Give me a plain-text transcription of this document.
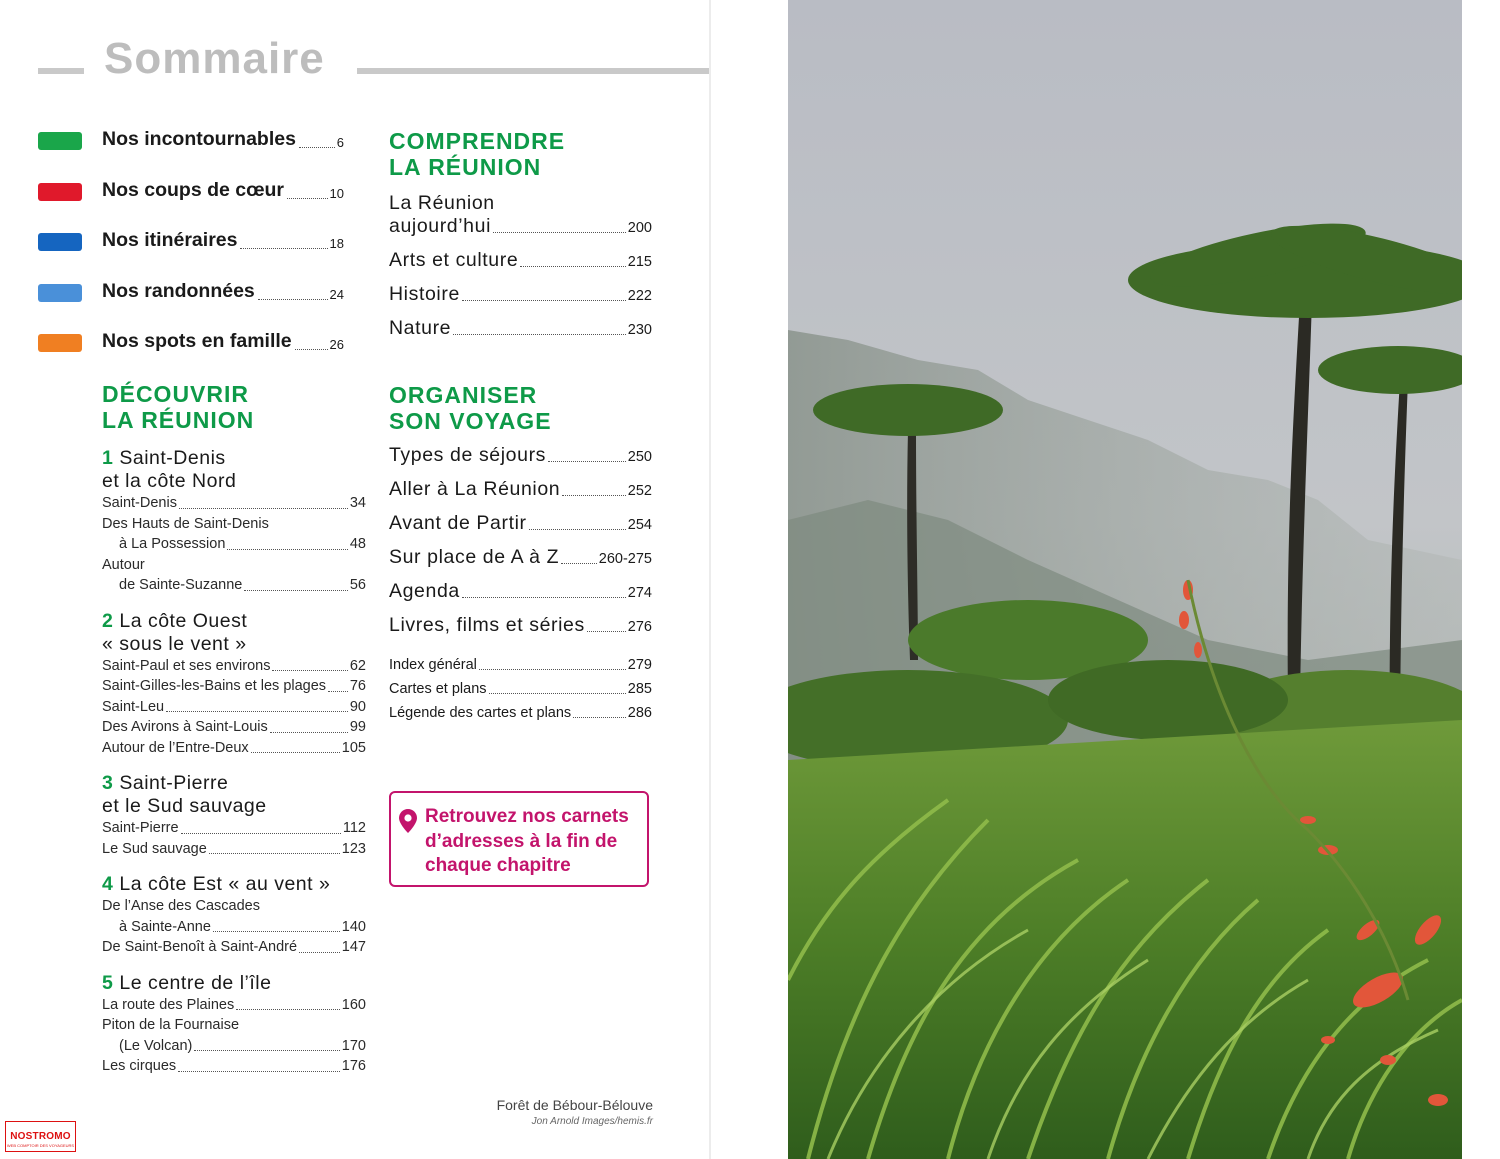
Sommaire
Nos incontournables	6
Nos coups de cœur	10
Nos itinéraires	18
Nos randonnées	24
Nos spots en famille	26
DÉCOUVRIR
LA RÉUNION
1 Saint-Denis
et la côte Nord
Saint-Denis	34
Des Hauts de Saint-Denis
à La Possession	48
Autour
de Sainte-Suzanne	56
2 La côte Ouest
« sous le vent »
Saint-Paul et ses environs	62
Saint-Gilles-les-Bains et les plages 76
Saint-Leu	90
Des Avirons à Saint-Louis	99
Autour de l’Entre-Deux	105
3 Saint-Pierre
et le Sud sauvage
Saint-Pierre	112
Le Sud sauvage	123
4 La côte Est « au vent »
De l’Anse des Cascades
à Sainte-Anne	140
De Saint-Benoît à Saint-André	147
5 Le centre de l’île
La route des Plaines	160
Piton de la Fournaise
(Le Volcan)	170
Les cirques	176
COMPRENDRE
LA RÉUNION
La Réunion
aujourd’hui	200
Arts et culture	215
Histoire	222
Nature	230
ORGANISER
SON VOYAGE
Types de séjours	250
Aller à La Réunion	252
Avant de Partir	254
Sur place de A à Z	260-275
Agenda	274
Livres, films et séries	276
Index général	279
Cartes et plans	285
Légende des cartes et plans	286
Retrouvez nos carnets d’adresses à la fin de chaque chapitre
Forêt de Bébour-Bélouve
Jon Arnold Images/hemis.fr
NOSTROMO
WEB COMPTOIR DES VOYAGEURS
